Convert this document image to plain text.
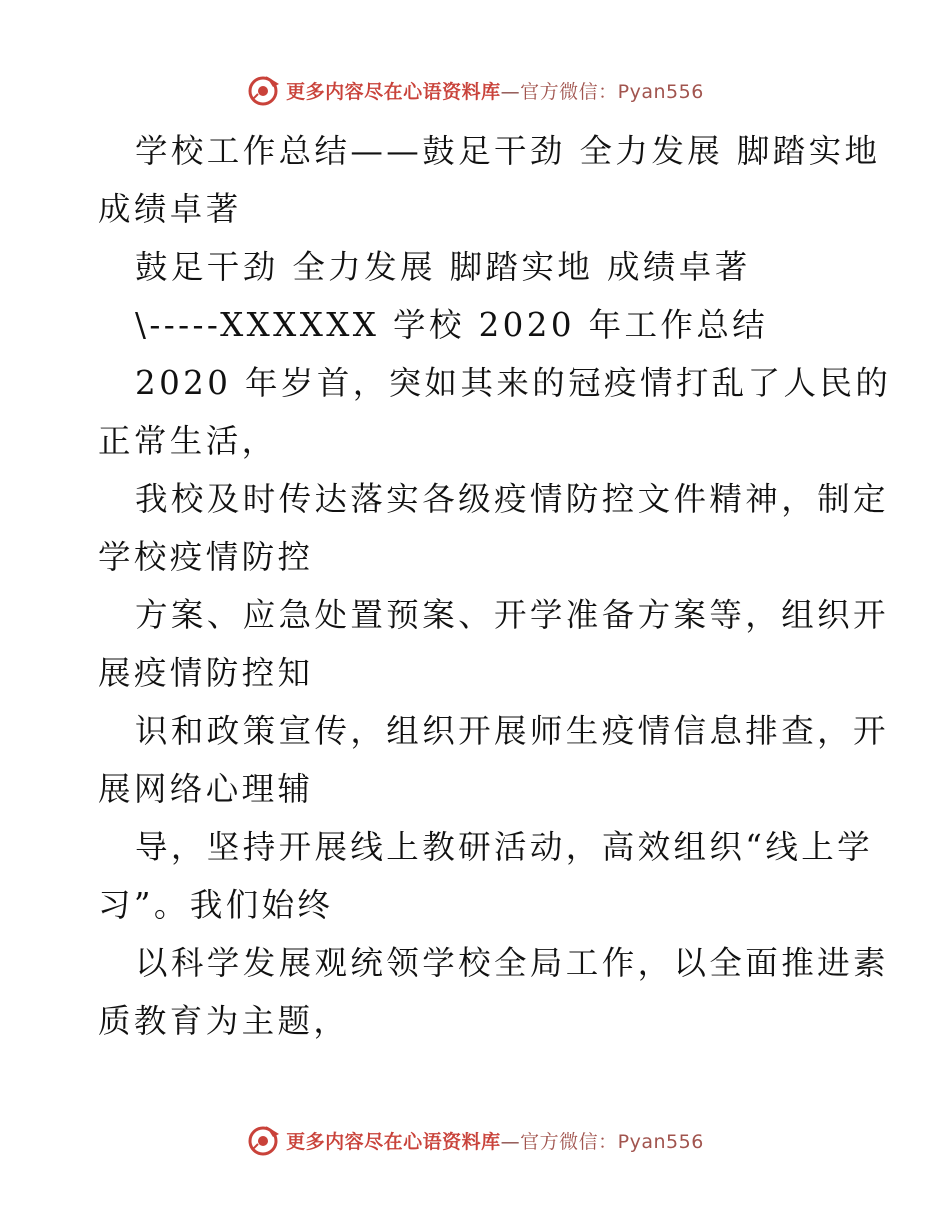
更多内容尽在心语资料库—官方微信：Pyan556

学校工作总结——鼓足干劲 全力发展 脚踏实地
成绩卓著

鼓足干劲 全力发展 脚踏实地 成绩卓著

\-----XXXXXX 学校 2020 年工作总结

2020 年岁首，突如其来的冠疫情打乱了人民的
正常生活，

我校及时传达落实各级疫情防控文件精神，制定
学校疫情防控

方案、应急处置预案、开学准备方案等，组织开
展疫情防控知

识和政策宣传，组织开展师生疫情信息排查，开
展网络心理辅

导，坚持开展线上教研活动，高效组织“线上学
习”。我们始终

以科学发展观统领学校全局工作，以全面推进素
质教育为主题，

更多内容尽在心语资料库—官方微信：Pyan556
